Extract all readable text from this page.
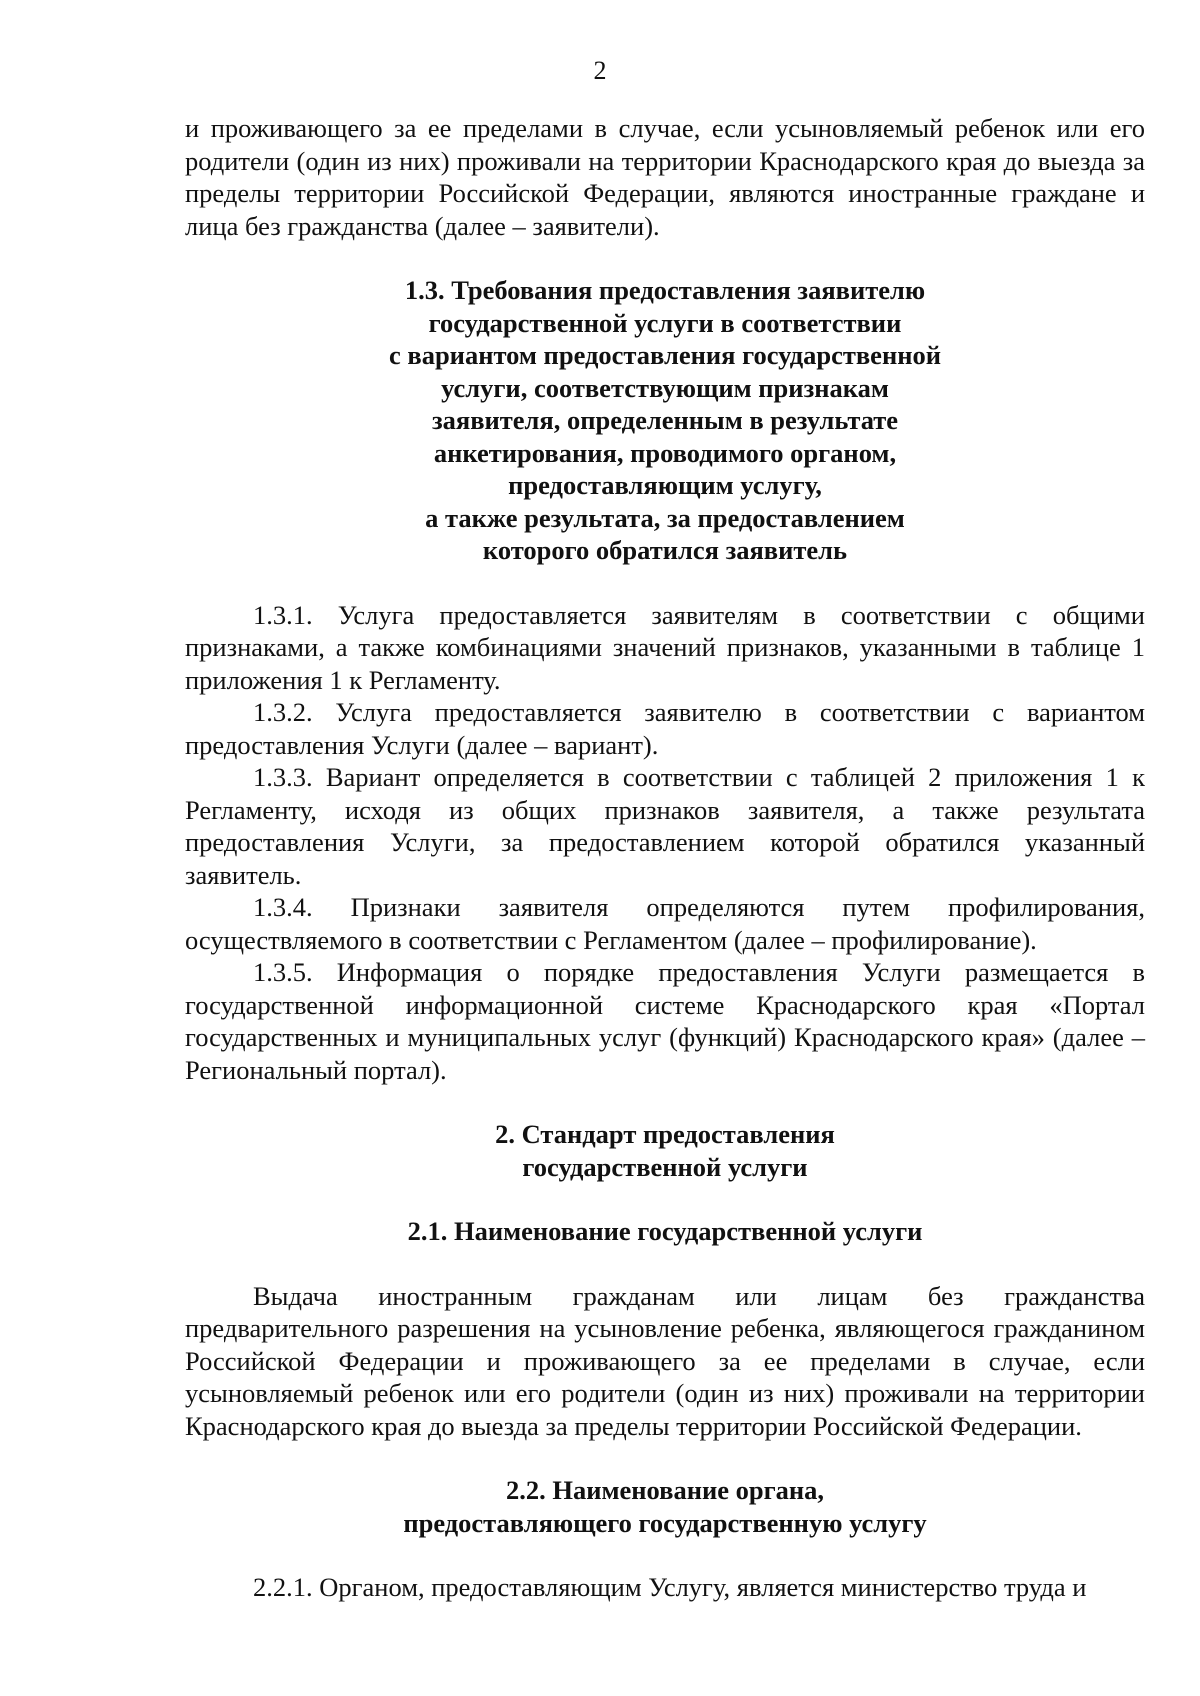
2

и проживающего за ее пределами в случае, если усыновляемый ребенок или его родители (один из них) проживали на территории Краснодарского края до выезда за пределы территории Российской Федерации, являются иностранные граждане и лица без гражданства (далее – заявители).

1.3. Требования предоставления заявителю
государственной услуги в соответствии
с вариантом предоставления государственной
услуги, соответствующим признакам
заявителя, определенным в результате
анкетирования, проводимого органом,
предоставляющим услугу,
а также результата, за предоставлением
которого обратился заявитель

1.3.1. Услуга предоставляется заявителям в соответствии с общими признаками, а также комбинациями значений признаков, указанными в таблице 1 приложения 1 к Регламенту.

1.3.2. Услуга предоставляется заявителю в соответствии с вариантом предоставления Услуги (далее – вариант).

1.3.3. Вариант определяется в соответствии с таблицей 2 приложения 1 к Регламенту, исходя из общих признаков заявителя, а также результата предоставления Услуги, за предоставлением которой обратился указанный заявитель.

1.3.4. Признаки заявителя определяются путем профилирования, осуществляемого в соответствии с Регламентом (далее – профилирование).

1.3.5. Информация о порядке предоставления Услуги размещается в государственной информационной системе Краснодарского края «Портал государственных и муниципальных услуг (функций) Краснодарского края» (далее – Региональный портал).

2. Стандарт предоставления
государственной услуги
2.1. Наименование государственной услуги

Выдача иностранным гражданам или лицам без гражданства предварительного разрешения на усыновление ребенка, являющегося гражданином Российской Федерации и проживающего за ее пределами в случае, если усыновляемый ребенок или его родители (один из них) проживали на территории Краснодарского края до выезда за пределы территории Российской Федерации.

2.2. Наименование органа,
предоставляющего государственную услугу

2.2.1. Органом, предоставляющим Услугу, является министерство труда и
